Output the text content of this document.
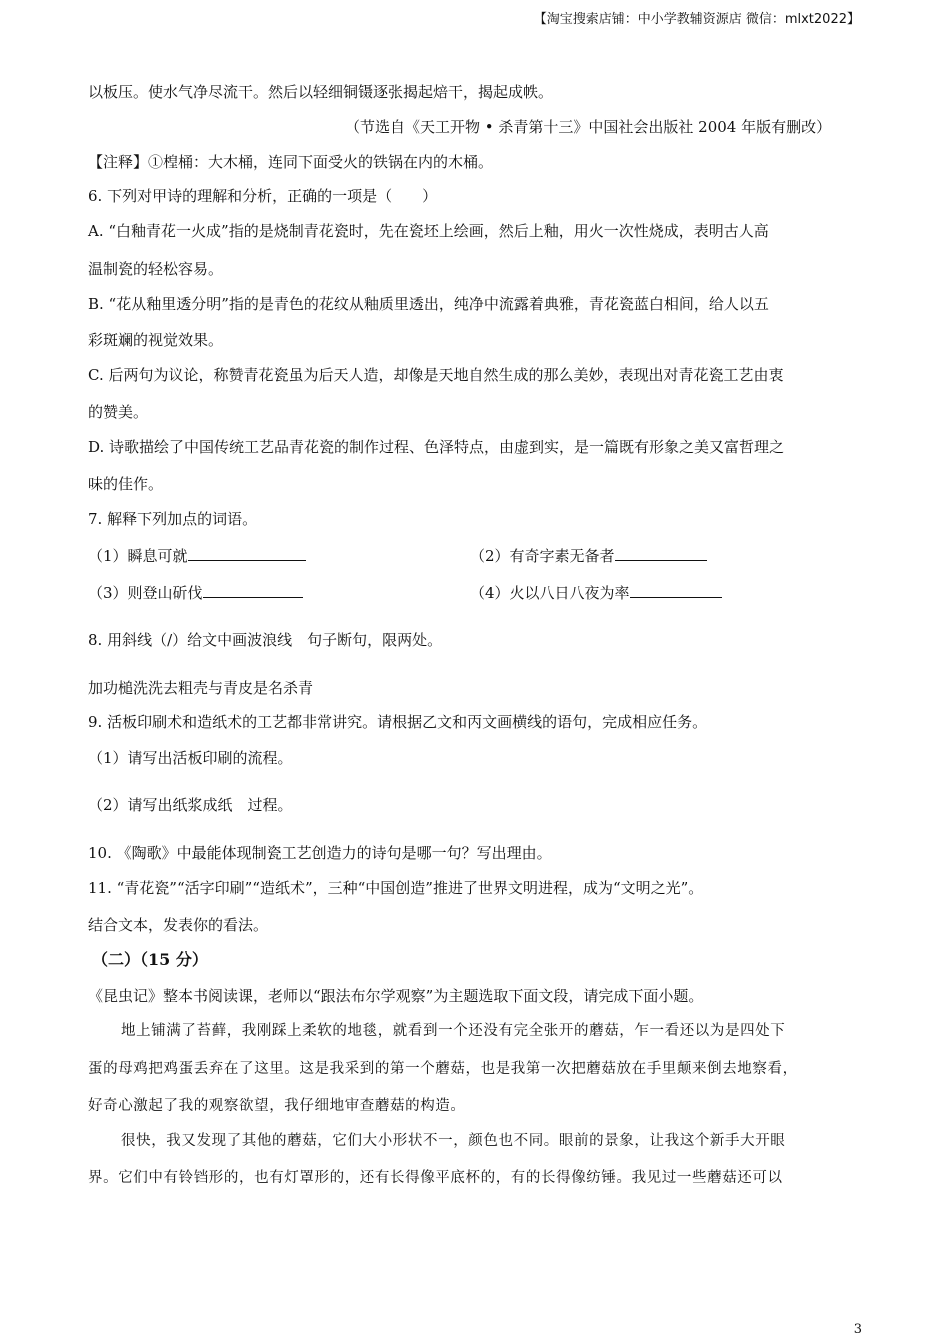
【淘宝搜索店铺：中小学教辅资源店 微信：mlxt2022】
以板压。使水气净尽流干。然后以轻细铜镊逐张揭起焙干，揭起成帙。
（节选自《天工开物 • 杀青第十三》中国社会出版社 2004 年版有删改）
【注释】①楻桶：大木桶，连同下面受火的铁锅在内的木桶。
6. 下列对甲诗的理解和分析，正确的一项是（　　）
A. “白釉青花一火成”指的是烧制青花瓷时，先在瓷坯上绘画，然后上釉，用火一次性烧成，表明古人高
温制瓷的轻松容易。
B. “花从釉里透分明”指的是青色的花纹从釉质里透出，纯净中流露着典雅，青花瓷蓝白相间，给人以五
彩斑斓的视觉效果。
C. 后两句为议论，称赞青花瓷虽为后天人造，却像是天地自然生成的那么美妙，表现出对青花瓷工艺由衷
的赞美。
D. 诗歌描绘了中国传统工艺品青花瓷的制作过程、色泽特点，由虚到实，是一篇既有形象之美又富哲理之
味的佳作。
7. 解释下列加点的词语。
（1）瞬息可就	（2）有奇字素无备者
（3）则登山斫伐	（4）火以八日八夜为率
8. 用斜线（/）给文中画波浪线　句子断句，限两处。
加功槌洗洗去粗壳与青皮是名杀青
9. 活板印刷术和造纸术的工艺都非常讲究。请根据乙文和丙文画横线的语句，完成相应任务。
（1）请写出活板印刷的流程。
（2）请写出纸浆成纸　过程。
10. 《陶歌》中最能体现制瓷工艺创造力的诗句是哪一句？写出理由。
11. “青花瓷”“活字印刷”“造纸术”，三种“中国创造”推进了世界文明进程，成为“文明之光”。
结合文本，发表你的看法。
（二）（15 分）
《昆虫记》整本书阅读课，老师以“跟法布尔学观察”为主题选取下面文段，请完成下面小题。
地上铺满了苔藓，我刚踩上柔软的地毯，就看到一个还没有完全张开的蘑菇，乍一看还以为是四处下
蛋的母鸡把鸡蛋丢弃在了这里。这是我采到的第一个蘑菇，也是我第一次把蘑菇放在手里颠来倒去地察看，
好奇心激起了我的观察欲望，我仔细地审查蘑菇的构造。
很快，我又发现了其他的蘑菇，它们大小形状不一，颜色也不同。眼前的景象，让我这个新手大开眼
界。它们中有铃铛形的，也有灯罩形的，还有长得像平底杯的，有的长得像纺锤。我见过一些蘑菇还可以
3
